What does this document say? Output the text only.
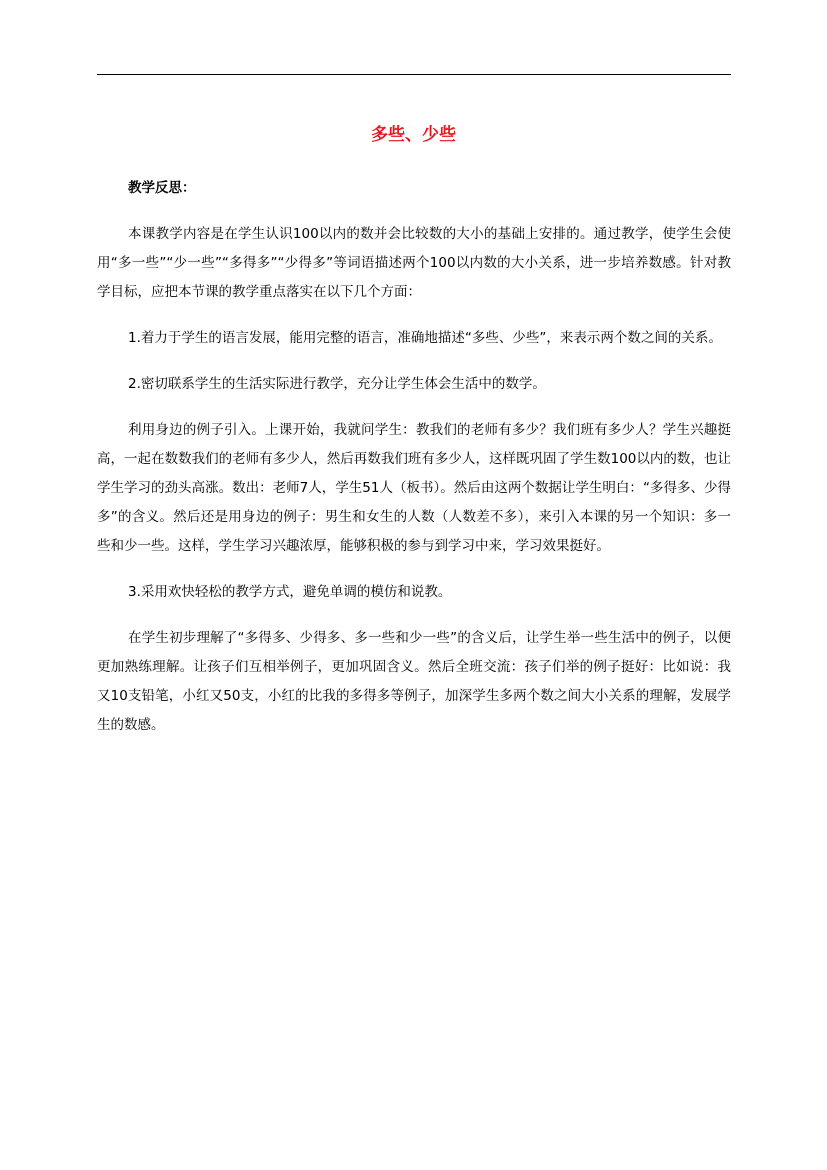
多些、少些

教学反思：

本课教学内容是在学生认识100以内的数并会比较数的大小的基础上安排的。通过教学，使学生会使用“多一些”“少一些”“多得多”“少得多”等词语描述两个100以内数的大小关系，进一步培养数感。针对教学目标，应把本节课的教学重点落实在以下几个方面：

1.着力于学生的语言发展，能用完整的语言，准确地描述“多些、少些”，来表示两个数之间的关系。

2.密切联系学生的生活实际进行教学，充分让学生体会生活中的数学。

利用身边的例子引入。上课开始，我就问学生：教我们的老师有多少？我们班有多少人？学生兴趣挺高，一起在数数我们的老师有多少人，然后再数我们班有多少人，这样既巩固了学生数100以内的数，也让学生学习的劲头高涨。数出：老师7人，学生51人（板书）。然后由这两个数据让学生明白：“多得多、少得多”的含义。然后还是用身边的例子：男生和女生的人数（人数差不多），来引入本课的另一个知识：多一些和少一些。这样，学生学习兴趣浓厚，能够积极的参与到学习中来，学习效果挺好。

3.采用欢快轻松的教学方式，避免单调的模仿和说教。

在学生初步理解了“多得多、少得多、多一些和少一些”的含义后，让学生举一些生活中的例子，以便更加熟练理解。让孩子们互相举例子，更加巩固含义。然后全班交流：孩子们举的例子挺好：比如说：我又10支铅笔，小红又50支，小红的比我的多得多等例子，加深学生多两个数之间大小关系的理解，发展学生的数感。
